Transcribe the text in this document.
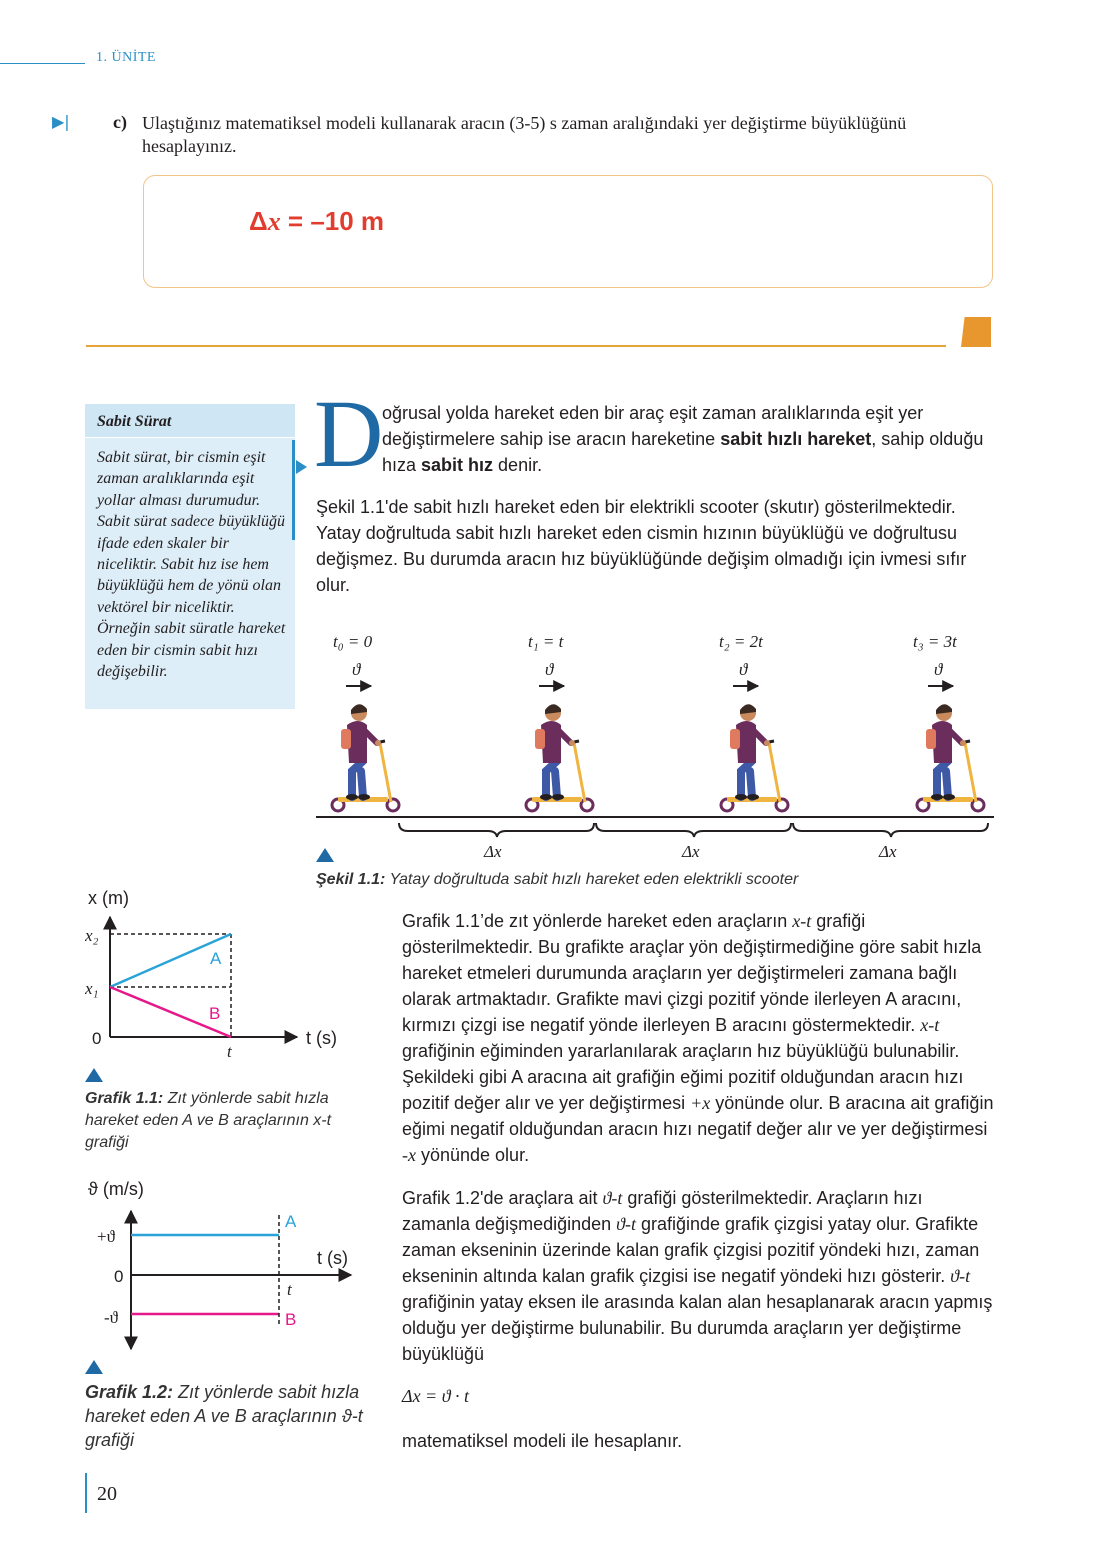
1. ÜNİTE
▶| c) Ulaştığınız matematiksel modeli kullanarak aracın (3-5) s zaman aralığındaki yer değiştirme büyüklüğünü hesaplayınız.
Δx = –10 m
Sabit Sürat
Sabit sürat, bir cismin eşit zaman aralıklarında eşit yollar alması durumudur. Sabit sürat sadece büyüklüğü ifade eden skaler bir niceliktir. Sabit hız ise hem büyüklüğü hem de yönü olan vektörel bir niceliktir. Örneğin sabit süratle hareket eden bir cismin sabit hızı değişebilir.
D
oğrusal yolda hareket eden bir araç eşit zaman aralıklarında eşit yer değiştirmelere sahip ise aracın hareketine sabit hızlı hareket, sahip olduğu hıza sabit hız denir.
Şekil 1.1'de sabit hızlı hareket eden bir elektrikli scooter (skutır) gösterilmektedir. Yatay doğrultuda sabit hızlı hareket eden cismin hızının büyüklüğü ve doğrultusu değişmez. Bu durumda aracın hız büyüklüğünde değişim olmadığı için ivmesi sıfır olur.
t₀ = 0	t₁ = t	t₂ = 2t	t₃ = 3t
ϑ⃗	ϑ⃗	ϑ⃗	ϑ⃗
Δx⃗	Δx⃗	Δx⃗
Şekil 1.1: Yatay doğrultuda sabit hızlı hareket eden elektrikli scooter
x (m)
t (s)
x₂
x₁
0
A
B
t
Grafik 1.1: Zıt yönlerde sabit hızla hareket eden A ve B araçlarının x-t grafiği
ϑ (m/s)
t (s)
+ϑ
0
-ϑ
A
B
t
Grafik 1.2: Zıt yönlerde sabit hızla hareket eden A ve B araçlarının ϑ-t grafiği
Grafik 1.1’de zıt yönlerde hareket eden araçların x-t grafiği gösterilmektedir. Bu grafikte araçlar yön değiştirmediğine göre sabit hızla hareket etmeleri durumunda araçların yer değiştirmeleri zamana bağlı olarak artmaktadır. Grafikte mavi çizgi pozitif yönde ilerleyen A aracını, kırmızı çizgi ise negatif yönde ilerleyen B aracını göstermektedir. x-t grafiğinin eğiminden yararlanılarak araçların hız büyüklüğü bulunabilir. Şekildeki gibi A aracına ait grafiğin eğimi pozitif olduğundan aracın hızı pozitif değer alır ve yer değiştirmesi +x yönünde olur. B aracına ait grafiğin eğimi negatif olduğundan aracın hızı negatif değer alır ve yer değiştirmesi -x yönünde olur.
Grafik 1.2'de araçlara ait ϑ-t grafiği gösterilmektedir. Araçların hızı zamanla değişmediğinden ϑ-t grafiğinde grafik çizgisi yatay olur. Grafikte zaman ekseninin üzerinde kalan grafik çizgisi pozitif yöndeki hızı, zaman ekseninin altında kalan grafik çizgisi ise negatif yöndeki hızı gösterir. ϑ-t grafiğinin yatay eksen ile arasında kalan alan hesaplanarak aracın yapmış olduğu yer değiştirme bulunabilir. Bu durumda araçların yer değiştirme büyüklüğü
Δx = ϑ · t
matematiksel modeli ile hesaplanır.
20
